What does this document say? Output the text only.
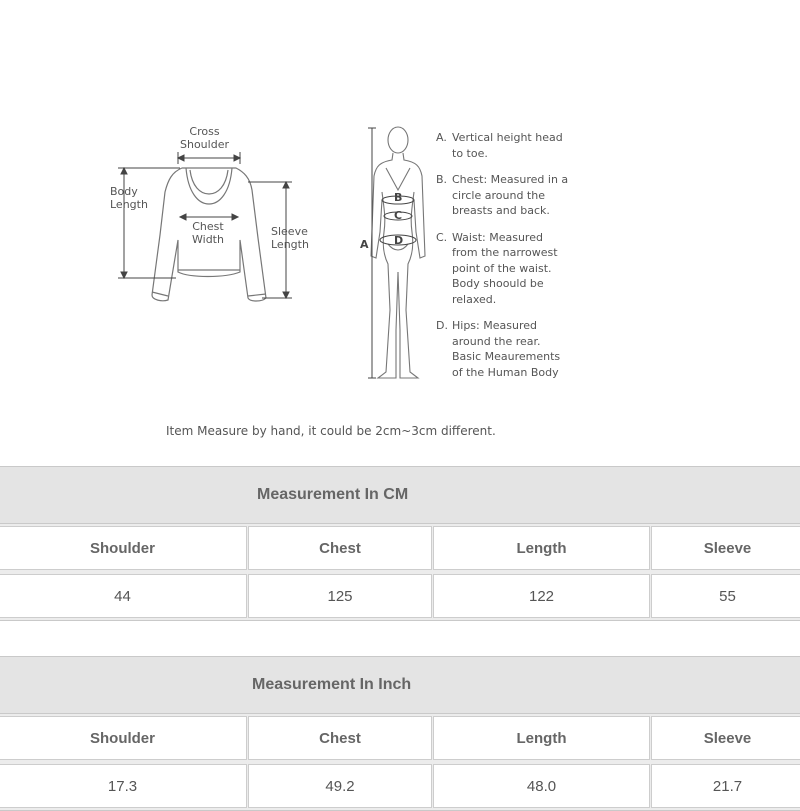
Cross
Shoulder
Body
Length
Chest
Width
Sleeve
Length	A
B
C
D
A. Vertical height head
to toe.
B. Chest: Measured in a
circle around the
breasts and back.
C. Waist: Measured
from the narrowest
point of the waist.
Body shoould be
relaxed.
D. Hips: Measured
around the rear.
Basic Meaurements
of the Human Body
Item Measure by hand, it could be 2cm~3cm different.
Measurement In CM
Shoulder	Chest	Length	Sleeve
44	125	122	55
Measurement In Inch
Shoulder	Chest	Length	Sleeve
17.3	49.2	48.0	21.7
